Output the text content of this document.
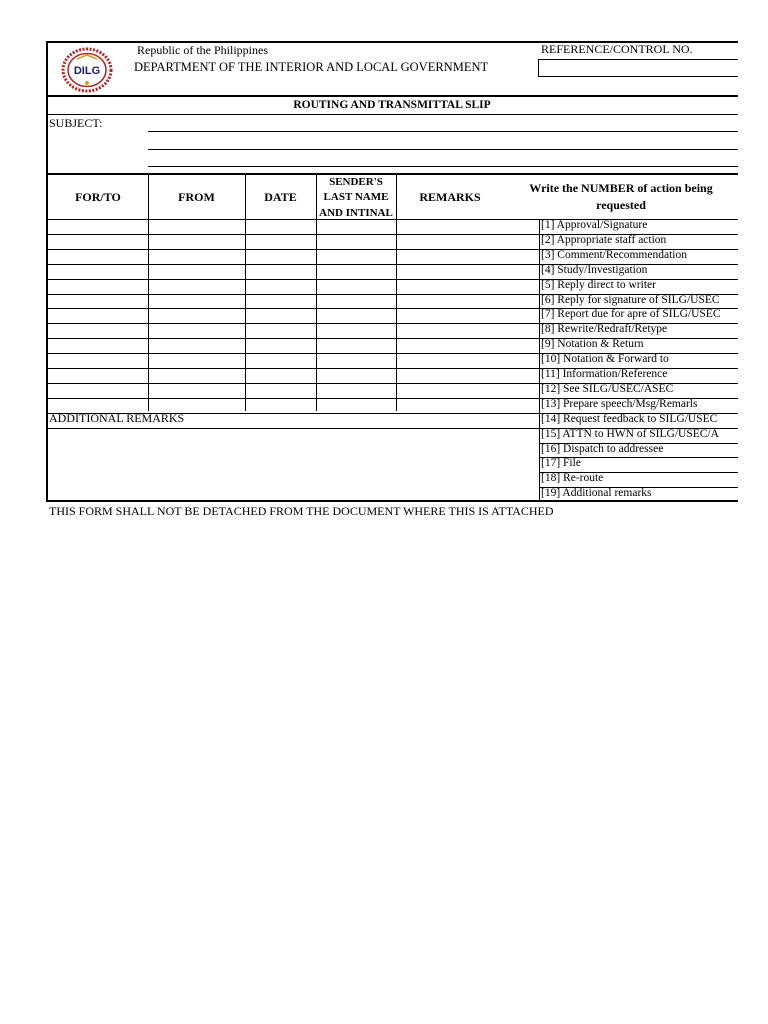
DILG
Republic of the Philippines
DEPARTMENT OF THE INTERIOR AND LOCAL GOVERNMENT
REFERENCE/CONTROL NO.
ROUTING AND TRANSMITTAL SLIP
SUBJECT:
FOR/TO	FROM	DATE
SENDER'S
LAST NAME
AND INTINAL
REMARKS
Write the NUMBER of action being
requested
ADDITIONAL REMARKS
[1] Approval/Signature
[2] Appropriate staff action
[3] Comment/Recommendation
[4] Study/Investigation
[5] Reply direct to writer
[6] Reply for signature of SILG/USEC
[7] Report due for apre of SILG/USEC
[8] Rewrite/Redraft/Retype
[9] Notation & Return
[10] Notation & Forward to
[11] Information/Reference
[12] See SILG/USEC/ASEC
[13] Prepare speech/Msg/Remarls
[14] Request feedback to SILG/USEC
[15] ATTN to HWN of SILG/USEC/A
[16] Dispatch to addressee
[17] File
[18] Re-route
[19] Additional remarks
THIS FORM SHALL NOT BE DETACHED FROM THE DOCUMENT WHERE THIS IS ATTACHED
